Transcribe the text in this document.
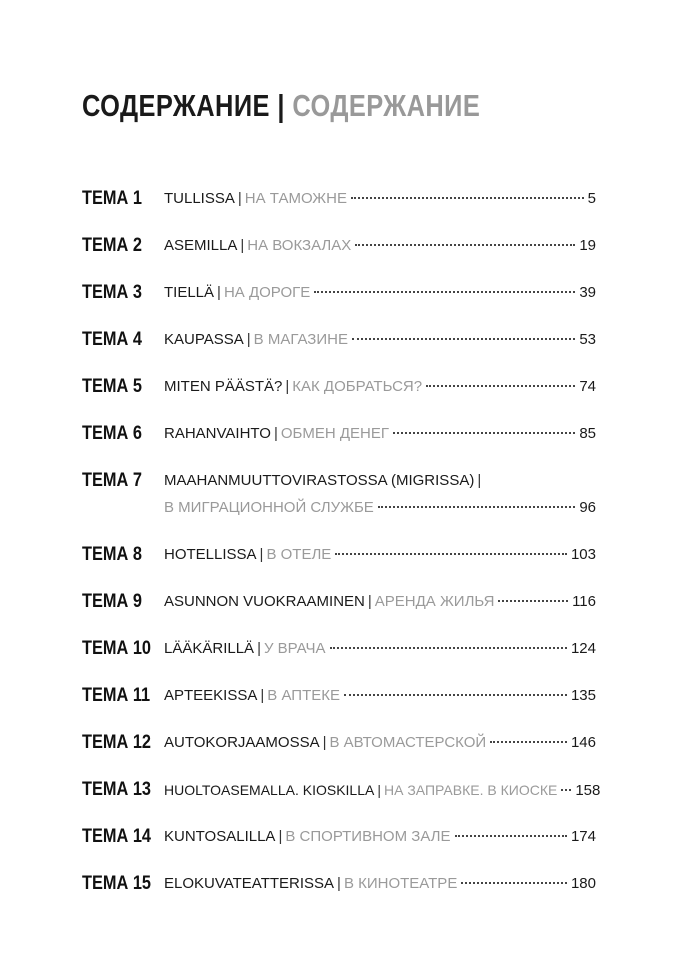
СОДЕРЖАНИЕ | СОДЕРЖАНИЕ
ТЕМА 1	TULLISSA | НА ТАМОЖНЕ	5
ТЕМА 2	ASEMILLA | НА ВОКЗАЛАХ	19
ТЕМА 3	TIELLÄ | НА ДОРОГЕ	39
ТЕМА 4	KAUPASSA | В МАГАЗИНЕ	53
ТЕМА 5	MITEN PÄÄSTÄ? | КАК ДОБРАТЬСЯ?	74
ТЕМА 6	RAHANVAIHTO | ОБМЕН ДЕНЕГ	85
ТЕМА 7	MAAHANMUUTTOVIRASTOSSA (MIGRISSA) |
В МИГРАЦИОННОЙ СЛУЖБЕ	96
ТЕМА 8	HOTELLISSA | В ОТЕЛЕ	103
ТЕМА 9	ASUNNON VUOKRAAMINEN | АРЕНДА ЖИЛЬЯ	116
ТЕМА 10 LÄÄKÄRILLÄ | У ВРАЧА	124
ТЕМА 11 APTEEKISSA | В АПТЕКЕ	135
ТЕМА 12 AUTOKORJAAMOSSA | В АВТОМАСТЕРСКОЙ	146
ТЕМА 13 HUOLTOASEMALLA. KIOSKILLA | НА ЗАПРАВКЕ. В КИОСКЕ 158
ТЕМА 14 KUNTOSALILLA | В СПОРТИВНОМ ЗАЛЕ	174
ТЕМА 15 ELOKUVATEATTERISSA | В КИНОТЕАТРЕ	180
